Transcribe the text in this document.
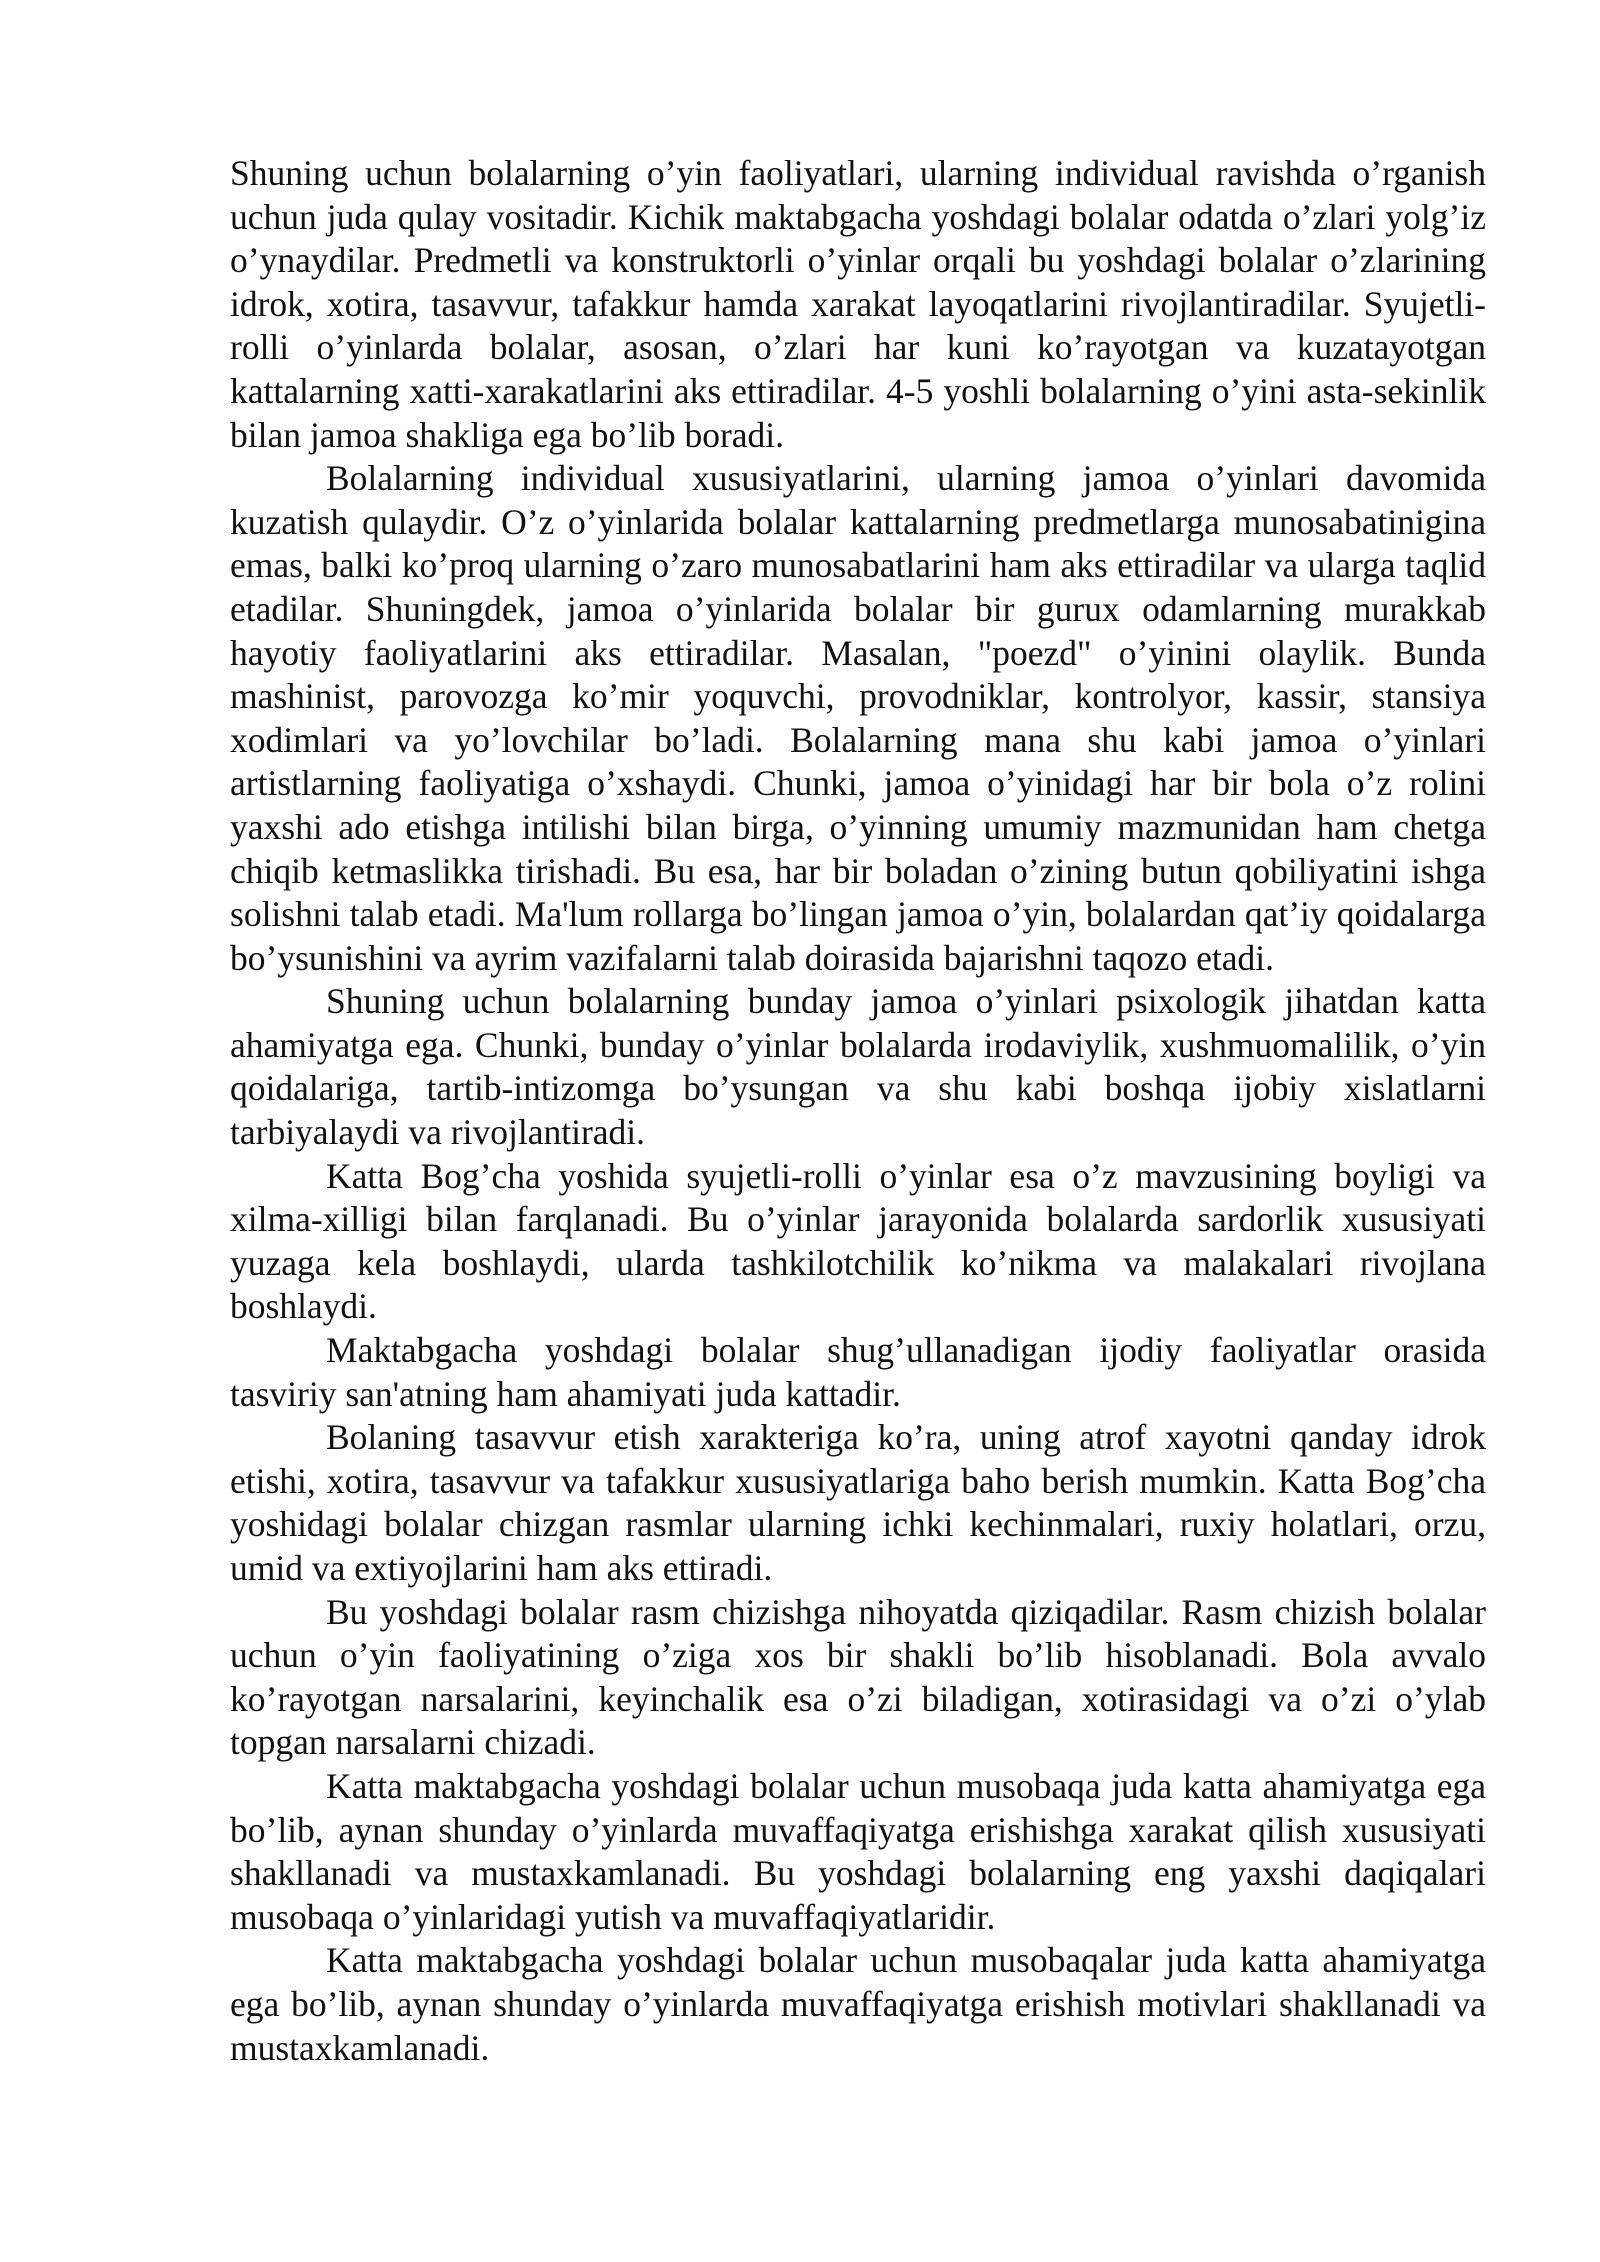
Shuning uchun bolalarning o’yin faoliyatlari, ularning individual ravishda o’rganish uchun juda qulay vositadir. Kichik maktabgacha yoshdagi bolalar odatda o’zlari yolg’iz o’ynaydilar. Predmetli va konstruktorli o’yinlar orqali bu yoshdagi bolalar o’zlarining idrok, xotira, tasavvur, tafakkur hamda xarakat layoqatlarini rivojlantiradilar. Syujetli-rolli o’yinlarda bolalar, asosan, o’zlari har kuni ko’rayotgan va kuzatayotgan kattalarning xatti-xarakatlarini aks ettiradilar. 4-5 yoshli bolalarning o’yini asta-sekinlik bilan jamoa shakliga ega bo’lib boradi.

Bolalarning individual xususiyatlarini, ularning jamoa o’yinlari davomida kuzatish qulaydir. O’z o’yinlarida bolalar kattalarning predmetlarga munosabatinigina emas, balki ko’proq ularning o’zaro munosabatlarini ham aks ettiradilar va ularga taqlid etadilar. Shuningdek, jamoa o’yinlarida bolalar bir gurux odamlarning murakkab hayotiy faoliyatlarini aks ettiradilar. Masalan, "poezd" o’yinini olaylik. Bunda mashinist, parovozga ko’mir yoquvchi, provodniklar, kontrolyor, kassir, stansiya xodimlari va yo’lovchilar bo’ladi. Bolalarning mana shu kabi jamoa o’yinlari artistlarning faoliyatiga o’xshaydi. Chunki, jamoa o’yinidagi har bir bola o’z rolini yaxshi ado etishga intilishi bilan birga, o’yinning umumiy mazmunidan ham chetga chiqib ketmaslikka tirishadi. Bu esa, har bir boladan o’zining butun qobiliyatini ishga solishni talab etadi. Ma'lum rollarga bo’lingan jamoa o’yin, bolalardan qat’iy qoidalarga bo’ysunishini va ayrim vazifalarni talab doirasida bajarishni taqozo etadi.

Shuning uchun bolalarning bunday jamoa o’yinlari psixologik jihatdan katta ahamiyatga ega. Chunki, bunday o’yinlar bolalarda irodaviylik, xushmuomalilik, o’yin qoidalariga, tartib-intizomga bo’ysungan va shu kabi boshqa ijobiy xislatlarni tarbiyalaydi va rivojlantiradi.

Katta Bog’cha yoshida syujetli-rolli o’yinlar esa o’z mavzusining boyligi va xilma-xilligi bilan farqlanadi. Bu o’yinlar jarayonida bolalarda sardorlik xususiyati yuzaga kela boshlaydi, ularda tashkilotchilik ko’nikma va malakalari rivojlana boshlaydi.

Maktabgacha yoshdagi bolalar shug’ullanadigan ijodiy faoliyatlar orasida tasviriy san'atning ham ahamiyati juda kattadir.

Bolaning tasavvur etish xarakteriga ko’ra, uning atrof xayotni qanday idrok etishi, xotira, tasavvur va tafakkur xususiyatlariga baho berish mumkin. Katta Bog’cha yoshidagi bolalar chizgan rasmlar ularning ichki kechinmalari, ruxiy holatlari, orzu, umid va extiyojlarini ham aks ettiradi.

Bu yoshdagi bolalar rasm chizishga nihoyatda qiziqadilar. Rasm chizish bolalar uchun o’yin faoliyatining o’ziga xos bir shakli bo’lib hisoblanadi. Bola avvalo ko’rayotgan narsalarini, keyinchalik esa o’zi biladigan, xotirasidagi va o’zi o’ylab topgan narsalarni chizadi.

Katta maktabgacha yoshdagi bolalar uchun musobaqa juda katta ahamiyatga ega bo’lib, aynan shunday o’yinlarda muvaffaqiyatga erishishga xarakat qilish xususiyati shakllanadi va mustaxkamlanadi. Bu yoshdagi bolalarning eng yaxshi daqiqalari musobaqa o’yinlaridagi yutish va muvaffaqiyatlaridir.

Katta maktabgacha yoshdagi bolalar uchun musobaqalar juda katta ahamiyatga ega bo’lib, aynan shunday o’yinlarda muvaffaqiyatga erishish motivlari shakllanadi va mustaxkamlanadi.
